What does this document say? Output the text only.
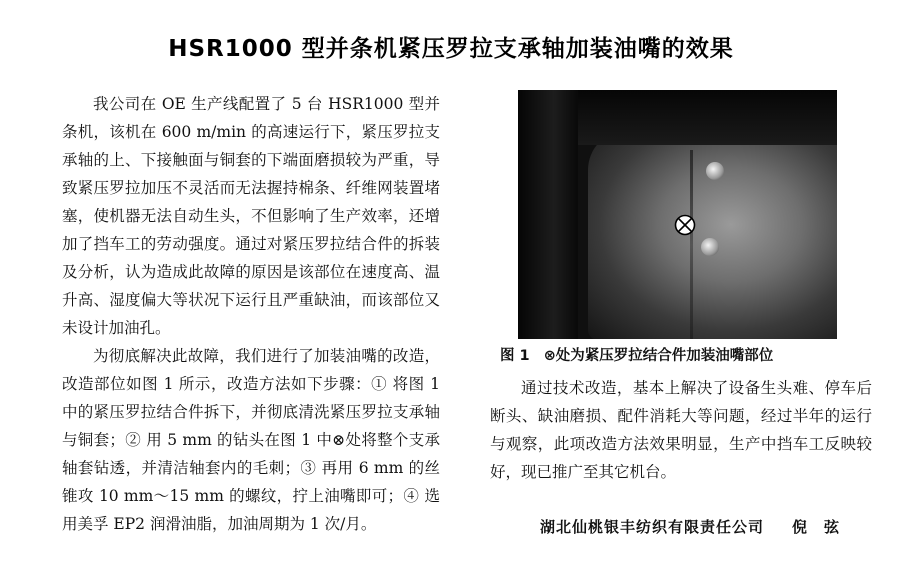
HSR1000 型并条机紧压罗拉支承轴加装油嘴的效果

我公司在 OE 生产线配置了 5 台 HSR1000 型并条机，该机在 600 m/min 的高速运行下，紧压罗拉支承轴的上、下接触面与铜套的下端面磨损较为严重，导致紧压罗拉加压不灵活而无法握持棉条、纤维网装置堵塞，使机器无法自动生头，不但影响了生产效率，还增加了挡车工的劳动强度。通过对紧压罗拉结合件的拆装及分析，认为造成此故障的原因是该部位在速度高、温升高、湿度偏大等状况下运行且严重缺油，而该部位又未设计加油孔。

为彻底解决此故障，我们进行了加装油嘴的改造，改造部位如图 1 所示，改造方法如下步骤：① 将图 1 中的紧压罗拉结合件拆下，并彻底清洗紧压罗拉支承轴与铜套；② 用 5 mm 的钻头在图 1 中⊗处将整个支承轴套钻透，并清洁轴套内的毛刺；③ 再用 6 mm 的丝锥攻 10 mm～15 mm 的螺纹，拧上油嘴即可；④ 选用美孚 EP2 润滑油脂，加油周期为 1 次/月。

图 1 ⊗处为紧压罗拉结合件加装油嘴部位

通过技术改造，基本上解决了设备生头难、停车后断头、缺油磨损、配件消耗大等问题，经过半年的运行与观察，此项改造方法效果明显，生产中挡车工反映较好，现已推广至其它机台。

湖北仙桃银丰纺织有限责任公司 倪　弦
